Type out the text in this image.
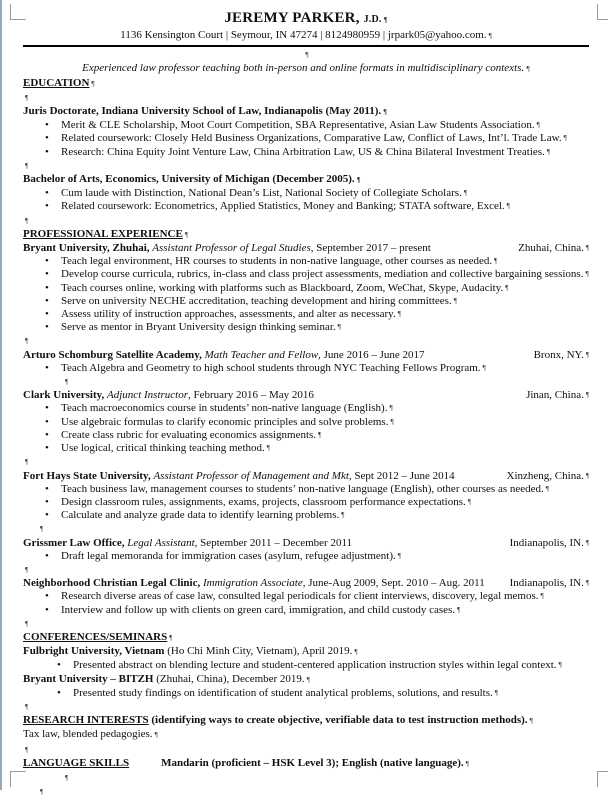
JEREMY PARKER, J.D. ¶
1136 Kensington Court | Seymour, IN 47274 | 8124980959 | jrpark05@yahoo.com. ¶
¶
Experienced law professor teaching both in-person and online formats in multidisciplinary contexts. ¶
EDUCATION ¶
¶
Juris Doctorate, Indiana University School of Law, Indianapolis (May 2011). ¶
•	Merit & CLE Scholarship, Moot Court Competition, SBA Representative, Asian Law Students Association. ¶
•	Related coursework: Closely Held Business Organizations, Comparative Law, Conflict of Laws, Int’l. Trade Law. ¶
•	Research: China Equity Joint Venture Law, China Arbitration Law, US & China Bilateral Investment Treaties. ¶
¶
Bachelor of Arts, Economics, University of Michigan (December 2005). ¶
•	Cum laude with Distinction, National Dean’s List, National Society of Collegiate Scholars. ¶
•	Related coursework: Econometrics, Applied Statistics, Money and Banking; STATA software, Excel. ¶
¶
PROFESSIONAL EXPERIENCE ¶
Bryant University, Zhuhai, Assistant Professor of Legal Studies, September 2017 – present	Zhuhai, China. ¶
•	Teach legal environment, HR courses to students in non-native language, other courses as needed. ¶
•	Develop course curricula, rubrics, in-class and class project assessments, mediation and collective bargaining sessions. ¶
•	Teach courses online, working with platforms such as Blackboard, Zoom, WeChat, Skype, Audacity. ¶
•	Serve on university NECHE accreditation, teaching development and hiring committees. ¶
•	Assess utility of instruction approaches, assessments, and alter as necessary. ¶
•	Serve as mentor in Bryant University design thinking seminar. ¶
¶
Arturo Schomburg Satellite Academy, Math Teacher and Fellow, June 2016 – June 2017	Bronx, NY. ¶
•	Teach Algebra and Geometry to high school students through NYC Teaching Fellows Program. ¶
¶
Clark University, Adjunct Instructor, February 2016 – May 2016	Jinan, China. ¶
•	Teach macroeconomics course in students’ non-native language (English). ¶
•	Use algebraic formulas to clarify economic principles and solve problems. ¶
•	Create class rubric for evaluating economics assignments. ¶
•	Use logical, critical thinking teaching method. ¶
¶
Fort Hays State University, Assistant Professor of Management and Mkt, Sept 2012 – June 2014	Xinzheng, China. ¶
•	Teach business law, management courses to students’ non-native language (English), other courses as needed. ¶
•	Design classroom rules, assignments, exams, projects, classroom performance expectations. ¶
•	Calculate and analyze grade data to identify learning problems. ¶
¶
Grissmer Law Office, Legal Assistant, September 2011 – December 2011	Indianapolis, IN. ¶
•	Draft legal memoranda for immigration cases (asylum, refugee adjustment). ¶
¶
Neighborhood Christian Legal Clinic, Immigration Associate, June-Aug 2009, Sept. 2010 – Aug. 2011	Indianapolis, IN. ¶
•	Research diverse areas of case law, consulted legal periodicals for client interviews, discovery, legal memos. ¶
•	Interview and follow up with clients on green card, immigration, and child custody cases. ¶
¶
CONFERENCES/SEMINARS ¶
Fulbright University, Vietnam (Ho Chi Minh City, Vietnam), April 2019. ¶
•	Presented abstract on blending lecture and student-centered application instruction styles within legal context. ¶
Bryant University – BITZH (Zhuhai, China), December 2019. ¶
•	Presented study findings on identification of student analytical problems, solutions, and results. ¶
¶
RESEARCH INTERESTS (identifying ways to create objective, verifiable data to test instruction methods). ¶
Tax law, blended pedagogies. ¶
¶
LANGUAGE SKILLS	Mandarin (proficient – HSK Level 3); English (native language). ¶
¶
¶
